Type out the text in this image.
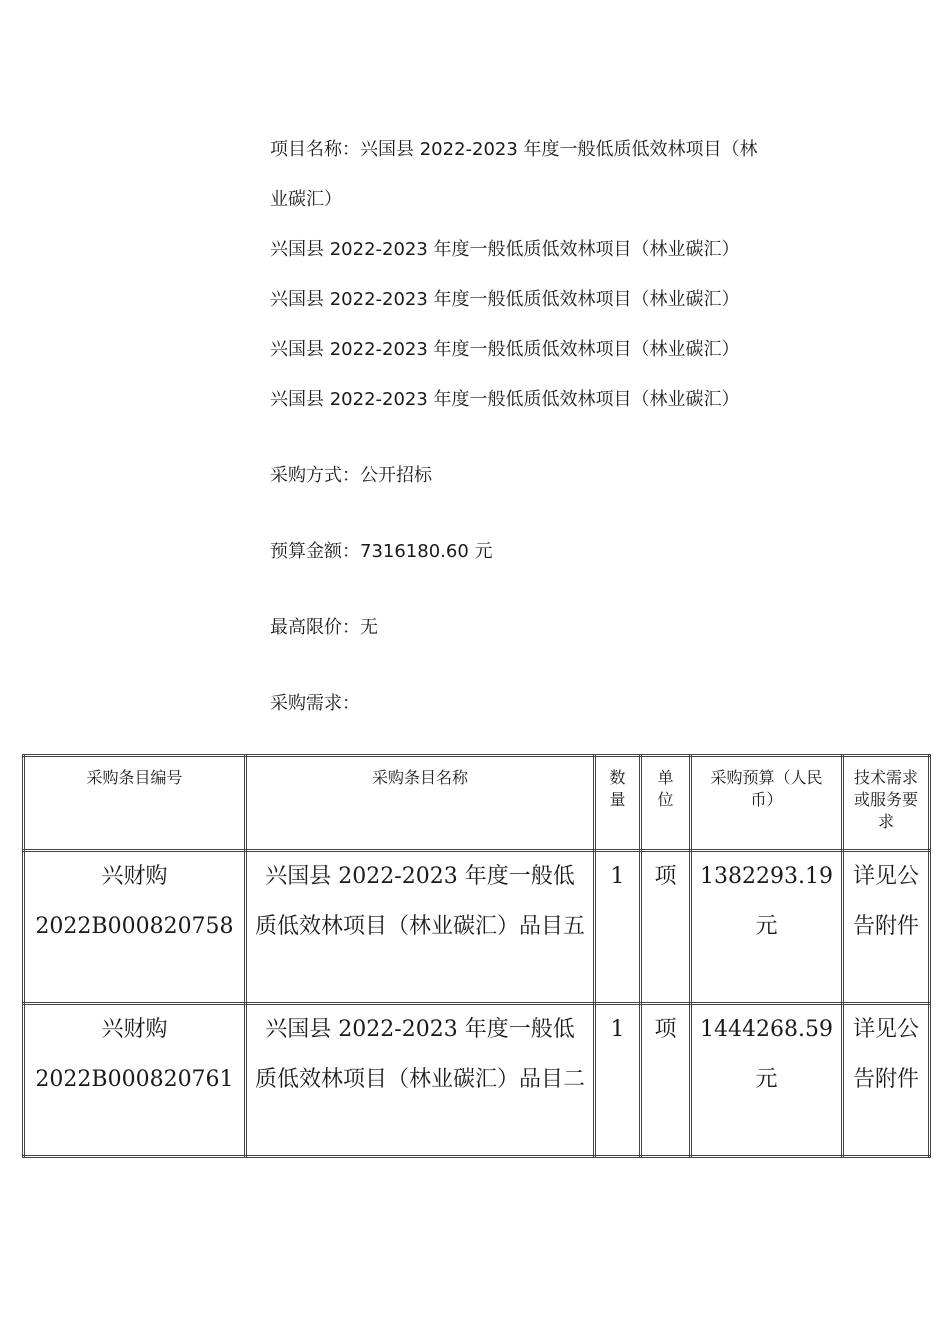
项目名称：兴国县 2022-2023 年度一般低质低效林项目（林
业碳汇）
兴国县 2022-2023 年度一般低质低效林项目（林业碳汇）
兴国县 2022-2023 年度一般低质低效林项目（林业碳汇）
兴国县 2022-2023 年度一般低质低效林项目（林业碳汇）
兴国县 2022-2023 年度一般低质低效林项目（林业碳汇）
采购方式：公开招标
预算金额：7316180.60 元
最高限价：无
采购需求：
采购条目编号	采购条目名称	数量	单位	采购预算（人民币）	技术需求或服务要求

兴财购
2022B000820758	兴国县 2022-2023 年度一般低质低效林项目（林业碳汇）品目五	1	项	1382293.19 元	详见公告附件

兴财购
2022B000820761	兴国县 2022-2023 年度一般低质低效林项目（林业碳汇）品目二	1	项	1444268.59 元	详见公告附件
